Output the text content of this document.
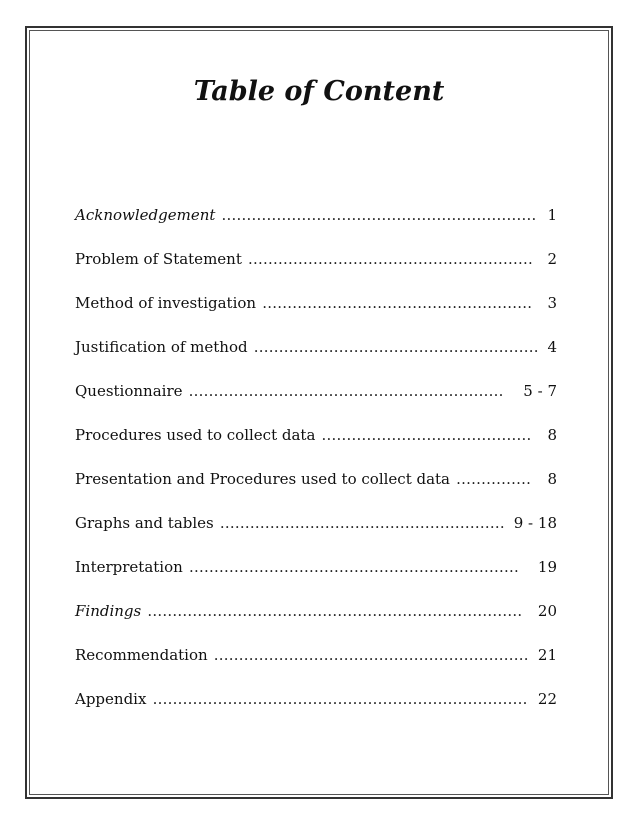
Table of Content
Acknowledgement ……………………………………………………… 1
Problem of Statement ………………………………………………… 2
Method of investigation ………………………………………………	3
Justification of method ………………………………………………… 4
Questionnaire ………………………………………………………	5 - 7
Procedures used to collect data ……………………………………	8
Presentation and Procedures used to collect data ……………	8
Graphs and tables ………………………………………………… 9 - 18
Interpretation …………………………………………………………	19
Findings …………………………………………………………………	20
Recommendation ……………………………………………………… 21
Appendix ………………………………………………………………… 22
